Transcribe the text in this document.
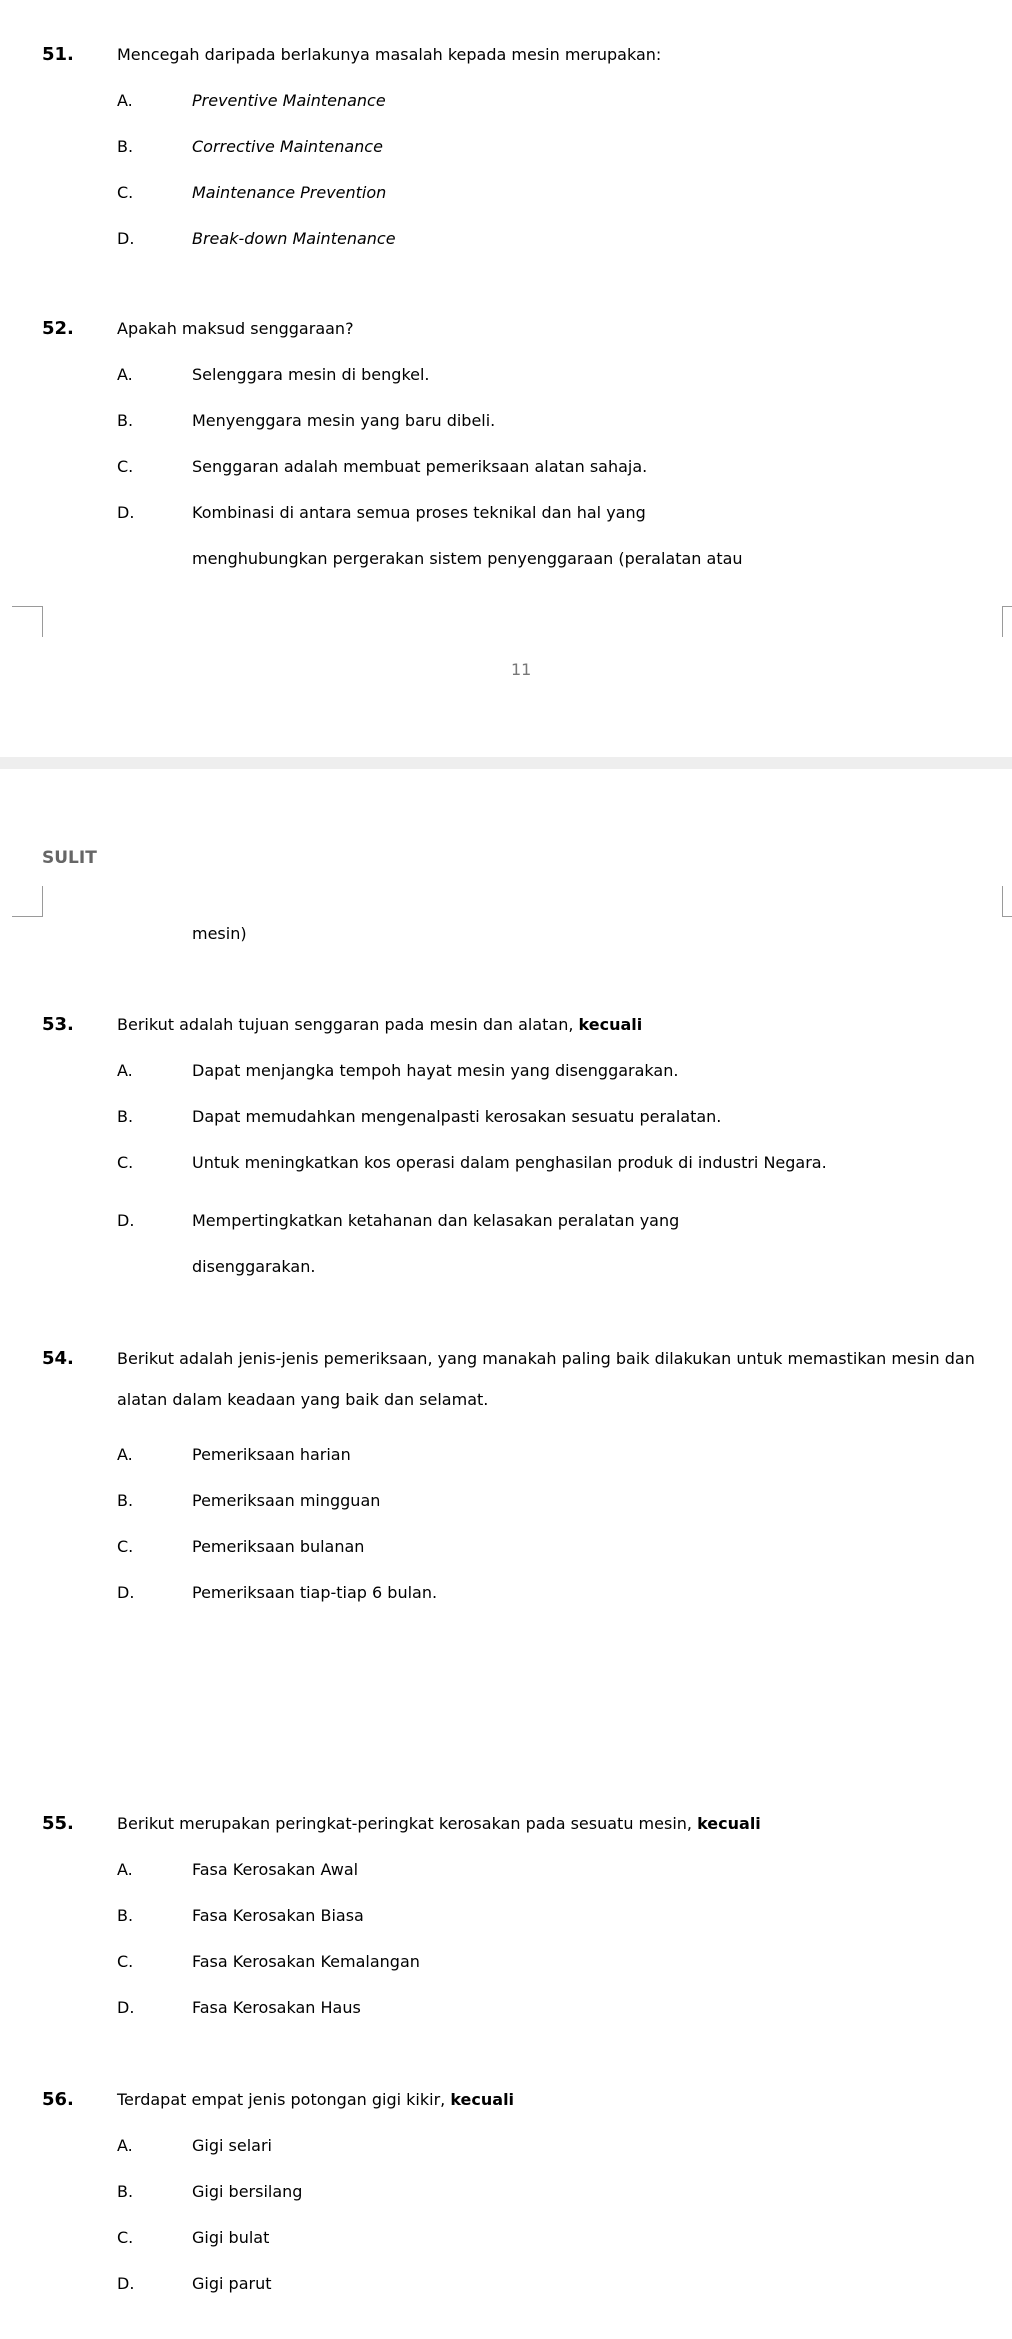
51.	Mencegah daripada berlakunya masalah kepada mesin merupakan:
A.	Preventive Maintenance
B.	Corrective Maintenance
C.	Maintenance Prevention
D.	Break-down Maintenance
52.	Apakah maksud senggaraan?
A.	Selenggara mesin di bengkel.
B.	Menyenggara mesin yang baru dibeli.
C.	Senggaran adalah membuat pemeriksaan alatan sahaja.
D.	Kombinasi di antara semua proses teknikal dan hal yang
menghubungkan pergerakan sistem penyenggaraan (peralatan atau
11
SULIT
mesin)
53.	Berikut adalah tujuan senggaran pada mesin dan alatan, kecuali
A.	Dapat menjangka tempoh hayat mesin yang disenggarakan.
B.	Dapat memudahkan mengenalpasti kerosakan sesuatu peralatan.
C.	Untuk meningkatkan kos operasi dalam penghasilan produk di industri Negara.
D.	Mempertingkatkan ketahanan dan kelasakan peralatan yang
disenggarakan.
54.	Berikut adalah jenis-jenis pemeriksaan, yang manakah paling baik dilakukan untuk memastikan mesin dan
alatan dalam keadaan yang baik dan selamat.
A.	Pemeriksaan harian
B.	Pemeriksaan mingguan
C.	Pemeriksaan bulanan
D.	Pemeriksaan tiap-tiap 6 bulan.
55.	Berikut merupakan peringkat-peringkat kerosakan pada sesuatu mesin, kecuali
A.	Fasa Kerosakan Awal
B.	Fasa Kerosakan Biasa
C.	Fasa Kerosakan Kemalangan
D.	Fasa Kerosakan Haus
56.	Terdapat empat jenis potongan gigi kikir, kecuali
A.	Gigi selari
B.	Gigi bersilang
C.	Gigi bulat
D.	Gigi parut
